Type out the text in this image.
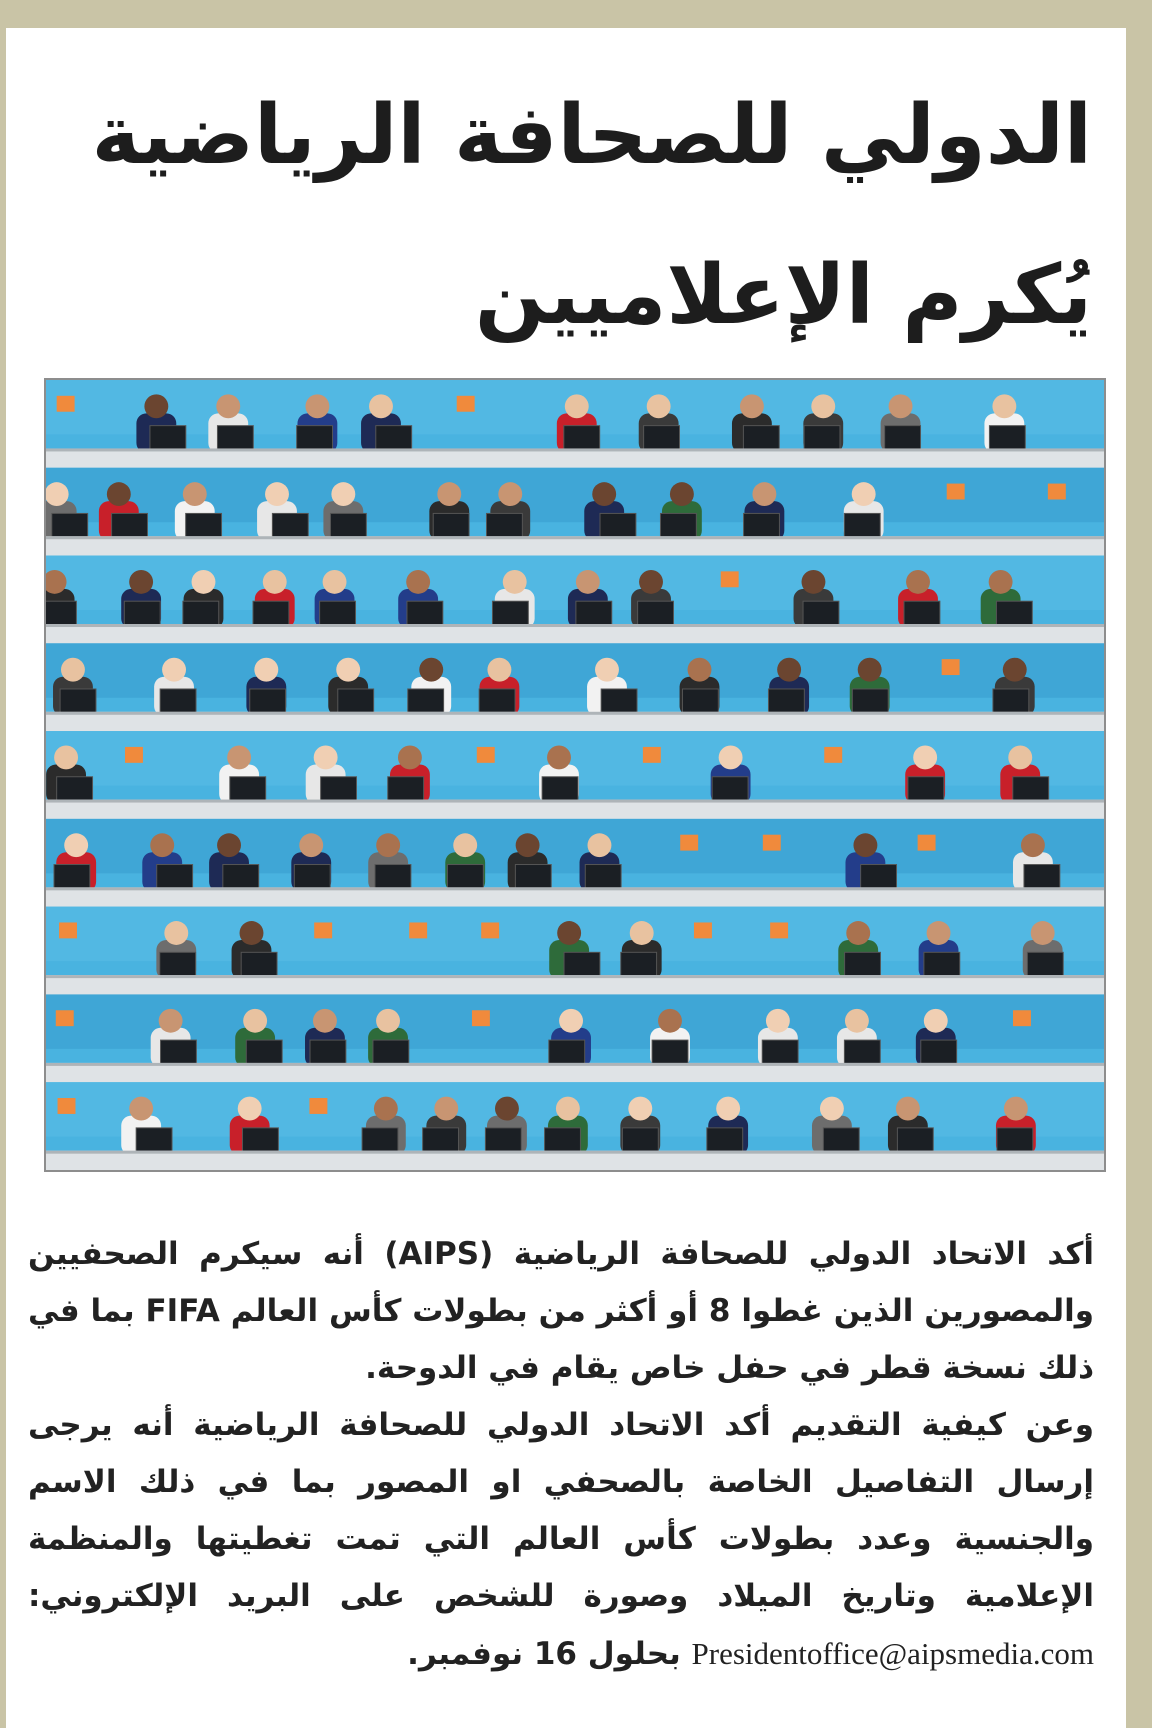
الدولي للصحافة الرياضية
يُكرم الإعلاميين

أكد الاتحاد الدولي للصحافة الرياضية (AIPS) أنه سيكرم الصحفيين والمصورين الذين غطوا 8 أو أكثر من بطولات كأس العالم FIFA بما في ذلك نسخة قطر في حفل خاص يقام في الدوحة.

وعن كيفية التقديم أكد الاتحاد الدولي للصحافة الرياضية أنه يرجى إرسال التفاصيل الخاصة بالصحفي او المصور بما في ذلك الاسم والجنسية وعدد بطولات كأس العالم التي تمت تغطيتها والمنظمة الإعلامية وتاريخ الميلاد وصورة للشخص على البريد الإلكتروني: Presidentoffice@aipsmedia.com بحلول 16 نوفمبر.
